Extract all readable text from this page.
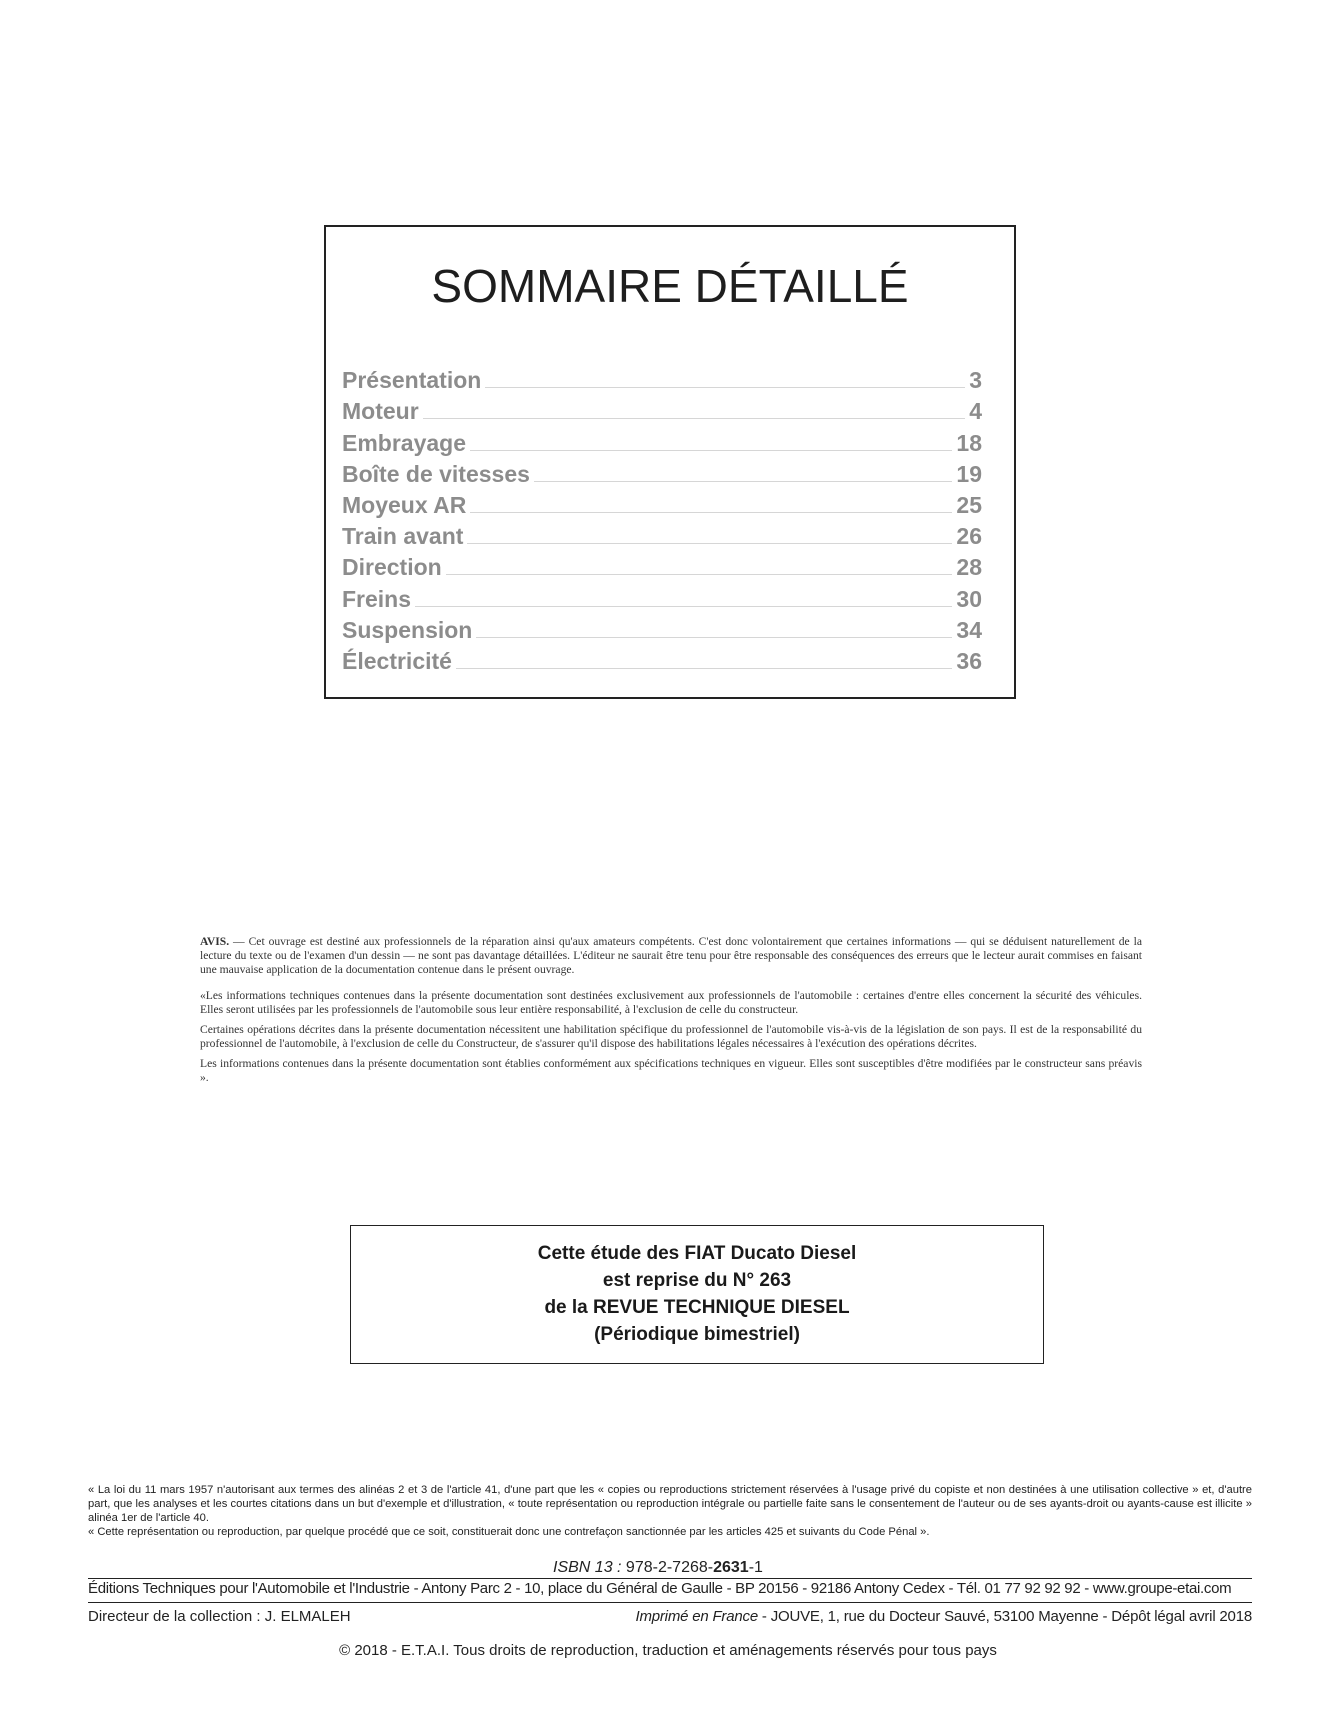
SOMMAIRE DÉTAILLÉ
Présentation	3
Moteur	4
Embrayage	18
Boîte de vitesses	19
Moyeux AR	25
Train avant	26
Direction	28
Freins	30
Suspension	34
Électricité	36

AVIS. — Cet ouvrage est destiné aux professionnels de la réparation ainsi qu'aux amateurs compétents. C'est donc volontairement que certaines informations — qui se déduisent naturellement de la lecture du texte ou de l'examen d'un dessin — ne sont pas davantage détaillées. L'éditeur ne saurait être tenu pour être responsable des conséquences des erreurs que le lecteur aurait commises en faisant une mauvaise application de la documentation contenue dans le présent ouvrage.

«Les informations techniques contenues dans la présente documentation sont destinées exclusivement aux professionnels de l'automobile : certaines d'entre elles concernent la sécurité des véhicules. Elles seront utilisées par les professionnels de l'automobile sous leur entière responsabilité, à l'exclusion de celle du constructeur.

Certaines opérations décrites dans la présente documentation nécessitent une habilitation spécifique du professionnel de l'automobile vis-à-vis de la législation de son pays. Il est de la responsabilité du professionnel de l'automobile, à l'exclusion de celle du Constructeur, de s'assurer qu'il dispose des habilitations légales nécessaires à l'exécution des opérations décrites.

Les informations contenues dans la présente documentation sont établies conformément aux spécifications techniques en vigueur. Elles sont susceptibles d'être modifiées par le constructeur sans préavis ».

Cette étude des FIAT Ducato Diesel
est reprise du N° 263
de la REVUE TECHNIQUE DIESEL
(Périodique bimestriel)

« La loi du 11 mars 1957 n'autorisant aux termes des alinéas 2 et 3 de l'article 41, d'une part que les « copies ou reproductions strictement réservées à l'usage privé du copiste et non destinées à une utilisation collective » et, d'autre part, que les analyses et les courtes citations dans un but d'exemple et d'illustration, « toute représentation ou reproduction intégrale ou partielle faite sans le consentement de l'auteur ou de ses ayants-droit ou ayants-cause est illicite » alinéa 1er de l'article 40.

« Cette représentation ou reproduction, par quelque procédé que ce soit, constituerait donc une contrefaçon sanctionnée par les articles 425 et suivants du Code Pénal ».

ISBN 13 : 978-2-7268-2631-1
Éditions Techniques pour l'Automobile et l'Industrie - Antony Parc 2 - 10, place du Général de Gaulle - BP 20156 - 92186 Antony Cedex - Tél. 01 77 92 92 92 - www.groupe-etai.com
Directeur de la collection : J. ELMALEH	Imprimé en France - JOUVE, 1, rue du Docteur Sauvé, 53100 Mayenne - Dépôt légal avril 2018
© 2018 - E.T.A.I. Tous droits de reproduction, traduction et aménagements réservés pour tous pays
